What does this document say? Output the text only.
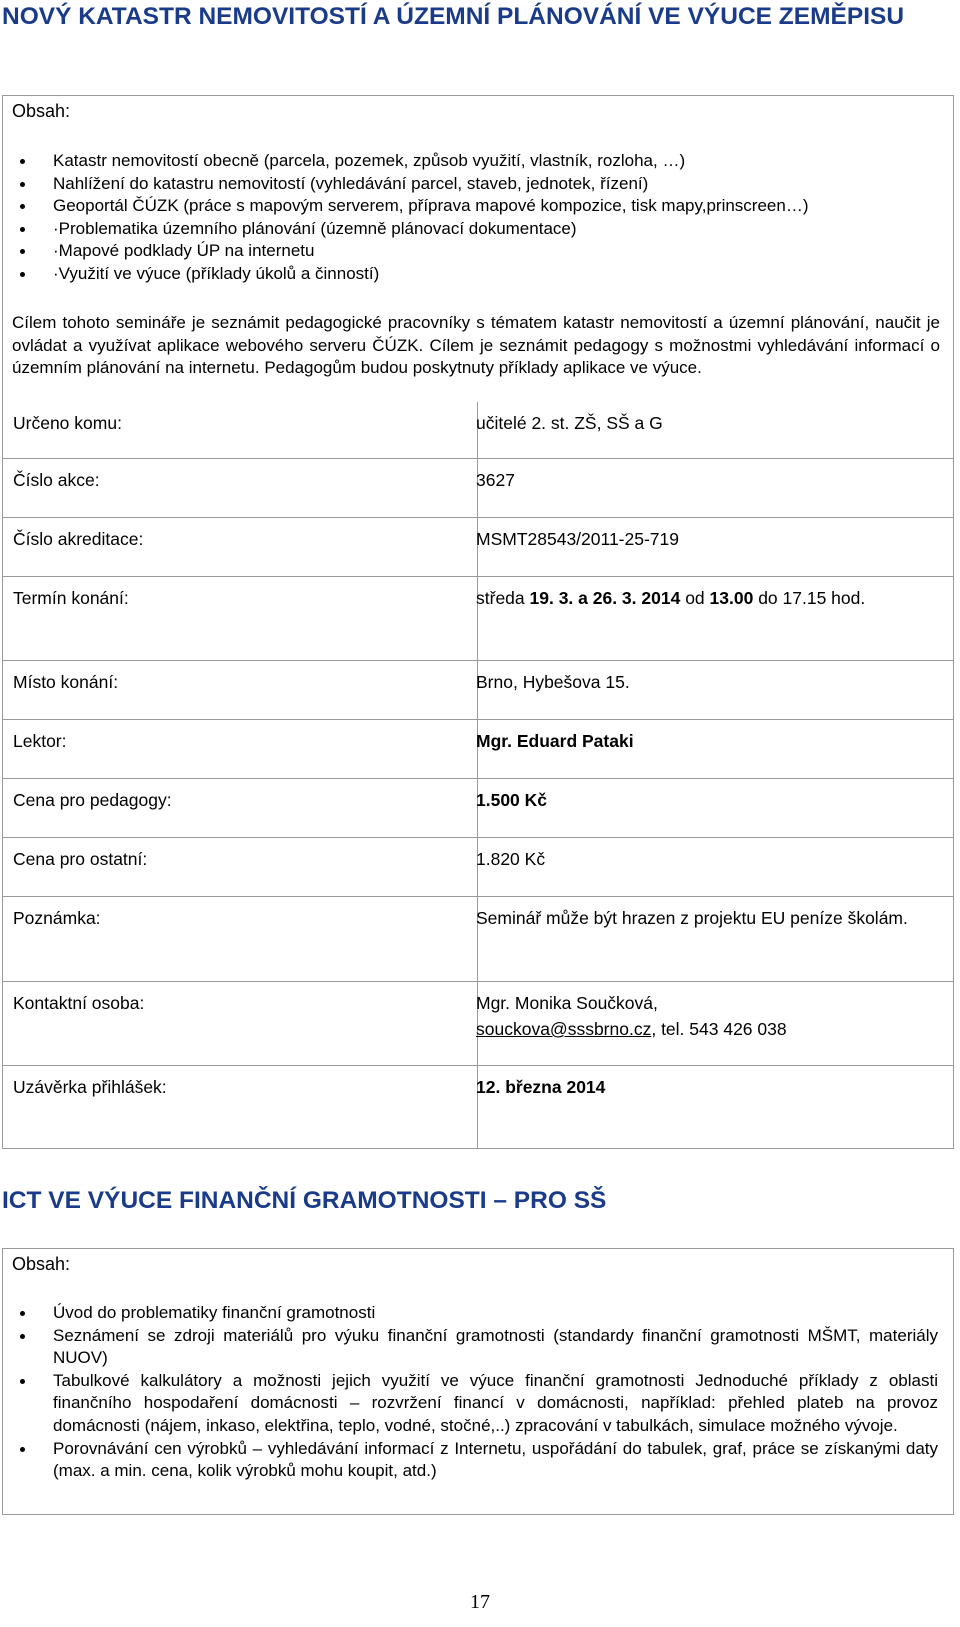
NOVÝ KATASTR NEMOVITOSTÍ A ÚZEMNÍ PLÁNOVÁNÍ VE VÝUCE ZEMĚPISU
Obsah:
Katastr nemovitostí obecně (parcela, pozemek, způsob využití, vlastník, rozloha, …)
Nahlížení do katastru nemovitostí (vyhledávání parcel, staveb, jednotek, řízení)
Geoportál ČÚZK (práce s mapovým serverem, příprava mapové kompozice, tisk mapy,prinscreen…)
·Problematika územního plánování (územně plánovací dokumentace)
·Mapové podklady ÚP na internetu
·Využití ve výuce (příklady úkolů a činností)

Cílem tohoto semináře je seznámit pedagogické pracovníky s tématem katastr nemovitostí a územní plánování, naučit je ovládat a využívat aplikace webového serveru ČÚZK. Cílem je seznámit pedagogy s možnostmi vyhledávání informací o územním plánování na internetu. Pedagogům budou poskytnuty příklady aplikace ve výuce.

Určeno komu:	učitelé 2. st. ZŠ, SŠ a G
Číslo akce:	3627
Číslo akreditace:	MSMT28543/2011-25-719
Termín konání:	středa 19. 3. a 26. 3. 2014 od 13.00 do 17.15 hod.
Místo konání:	Brno, Hybešova 15.
Lektor:	Mgr. Eduard Pataki
Cena pro pedagogy:	1.500 Kč
Cena pro ostatní:	1.820 Kč
Poznámka:	Seminář může být hrazen z projektu EU peníze školám.
Kontaktní osoba:	Mgr. Monika Součková,
souckova@sssbrno.cz, tel. 543 426 038
Uzávěrka přihlášek:	12. března 2014
ICT VE VÝUCE FINANČNÍ GRAMOTNOSTI – PRO SŠ
Obsah:
Úvod do problematiky finanční gramotnosti
Seznámení se zdroji materiálů pro výuku finanční gramotnosti (standardy finanční gramotnosti MŠMT, materiály NUOV)
Tabulkové kalkulátory a možnosti jejich využití ve výuce finanční gramotnosti Jednoduché příklady z oblasti finančního hospodaření domácnosti – rozvržení financí v domácnosti, například: přehled plateb na provoz domácnosti (nájem, inkaso, elektřina, teplo, vodné, stočné,..) zpracování v tabulkách, simulace možného vývoje.
Porovnávání cen výrobků – vyhledávání informací z Internetu, uspořádání do tabulek, graf, práce se získanými daty (max. a min. cena, kolik výrobků mohu koupit, atd.)
17
